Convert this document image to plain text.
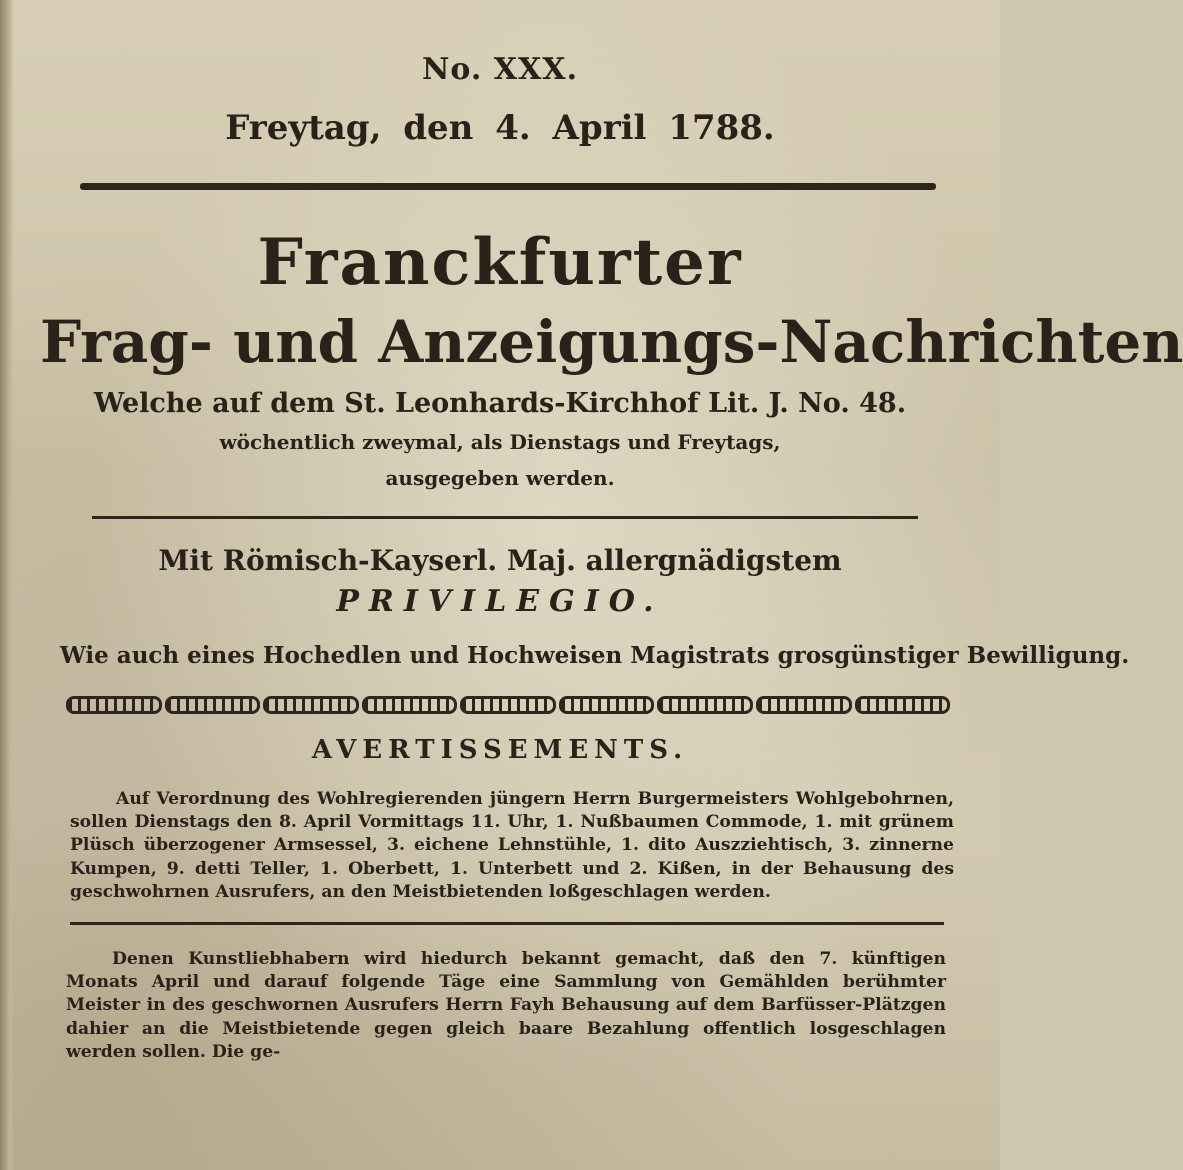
No. XXX.
Freytag, den 4. April 1788.
Franckfurter
Frag- und Anzeigungs-Nachrichten
Welche auf dem St. Leonhards-Kirchhof Lit. J. No. 48.
wöchentlich zweymal, als Dienstags und Freytags,
ausgegeben werden.
Mit Römisch-Kayserl. Maj. allergnädigstem
PRIVILEGIO.
Wie auch eines Hochedlen und Hochweisen Magistrats grosgünstiger Bewilligung.
AVERTISSEMENTS.
Auf Verordnung des Wohlregierenden jüngern Herrn Burgermeisters Wohlgebohrnen, sollen Dienstags den 8. April Vormittags 11. Uhr, 1. Nußbaumen Commode, 1. mit grünem Plüsch überzogener Armsessel, 3. eichene Lehnstühle, 1. dito Auszziehtisch, 3. zinnerne Kumpen, 9. detti Teller, 1. Oberbett, 1. Unterbett und 2. Kißen, in der Behausung des geschwohrnen Ausrufers, an den Meistbietenden loßgeschlagen werden.
Denen Kunstliebhabern wird hiedurch bekannt gemacht, daß den 7. künftigen Monats April und darauf folgende Täge eine Sammlung von Gemählden berühmter Meister in des geschwornen Ausrufers Herrn Fayh Behausung auf dem Barfüsser-Plätzgen dahier an die Meistbietende gegen gleich baare Bezahlung offentlich losgeschlagen werden sollen. Die ge-
